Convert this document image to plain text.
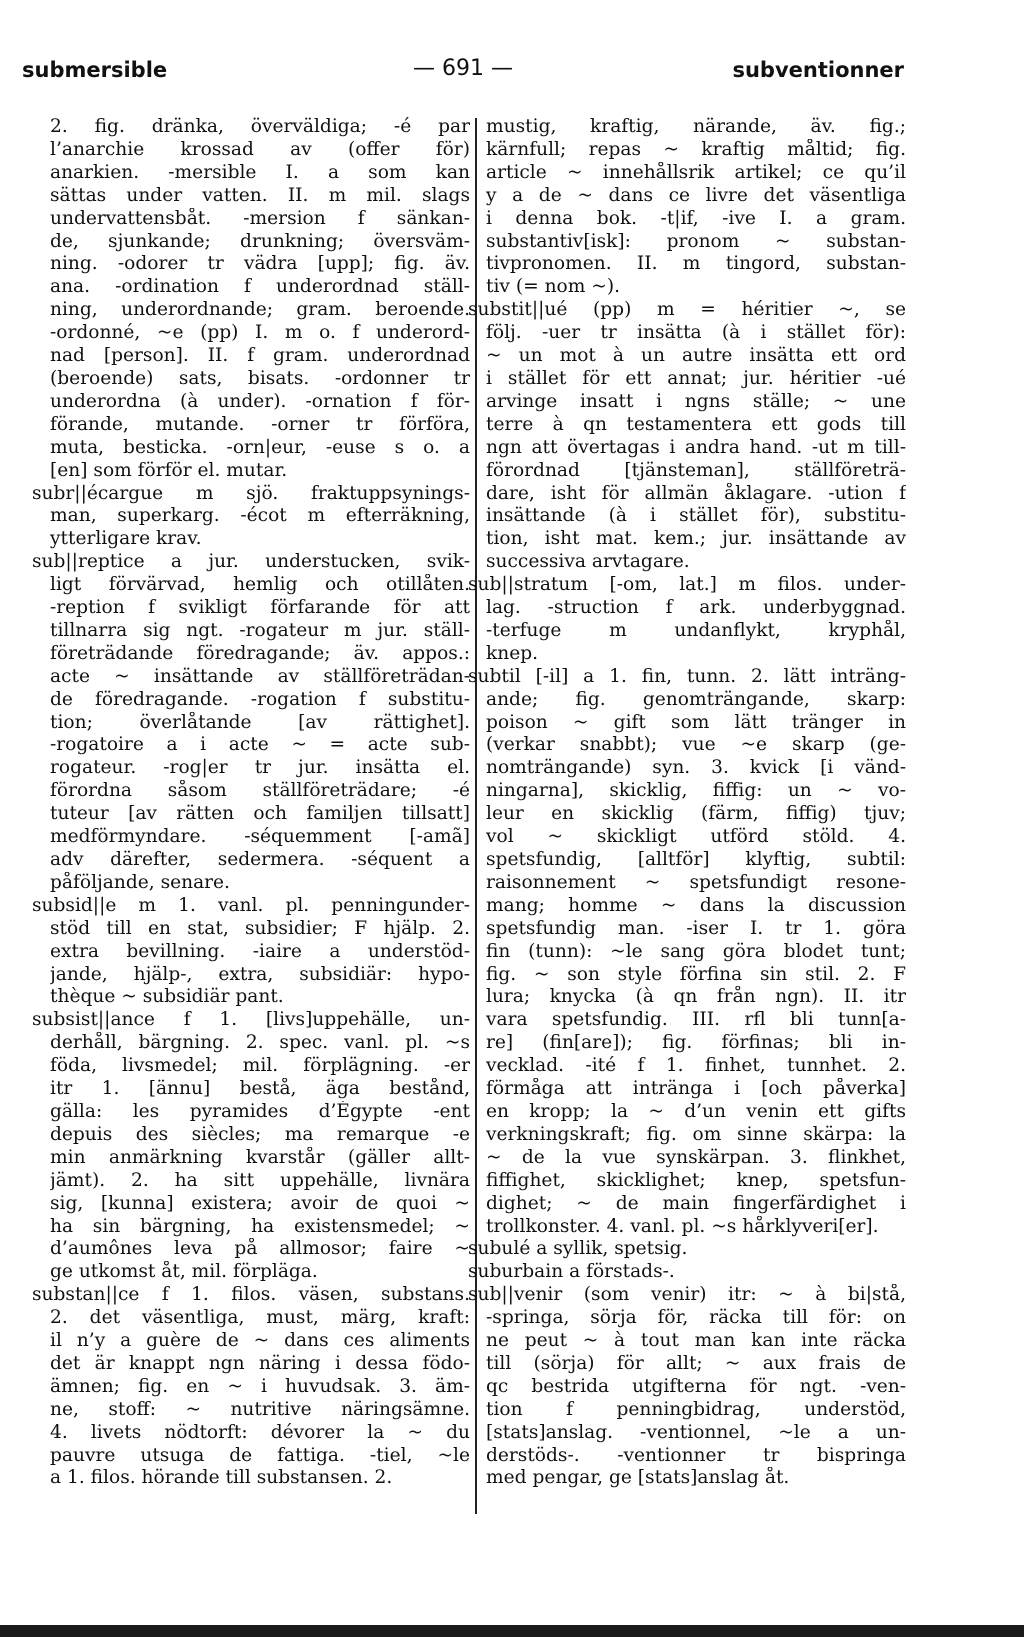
submersible	— 691 —	subventionner
2. fig. dränka, överväldiga; -é par
l’anarchie krossad av (offer för)
anarkien. -mersible I. a som kan
sättas under vatten. II. m mil. slags
undervattensbåt. -mersion f sänkan-
de, sjunkande; drunkning; översväm-
ning. -odorer tr vädra [upp]; fig. äv.
ana. -ordination f underordnad ställ-
ning, underordnande; gram. beroende.
-ordonné, ~e (pp) I. m o. f underord-
nad [person]. II. f gram. underordnad
(beroende) sats, bisats. -ordonner tr
underordna (à under). -ornation f för-
förande, mutande. -orner tr förföra,
muta, besticka. -orn|eur, -euse s o. a
[en] som förför el. mutar.
subr||écargue m sjö. fraktuppsynings-
man, superkarg. -écot m efterräkning,
ytterligare krav.
sub||reptice a jur. understucken, svik-
ligt förvärvad, hemlig och otillåten.
-reption f svikligt förfarande för att
tillnarra sig ngt. -rogateur m jur. ställ-
företrädande föredragande; äv. appos.:
acte ~ insättande av ställföreträdan-
de föredragande. -rogation f substitu-
tion; överlåtande [av rättighet].
-rogatoire a i acte ~ = acte sub-
rogateur. -rog|er tr jur. insätta el.
förordna såsom ställföreträdare; -é
tuteur [av rätten och familjen tillsatt]
medförmyndare. -séquemment [-amã]
adv därefter, sedermera. -séquent a
påföljande, senare.
subsid||e m 1. vanl. pl. penningunder-
stöd till en stat, subsidier; F hjälp. 2.
extra bevillning. -iaire a understöd-
jande, hjälp-, extra, subsidiär: hypo-
thèque ~ subsidiär pant.
subsist||ance f 1. [livs]uppehälle, un-
derhåll, bärgning. 2. spec. vanl. pl. ~s
föda, livsmedel; mil. förplägning. -er
itr 1. [ännu] bestå, äga bestånd,
gälla: les pyramides d’Égypte -ent
depuis des siècles; ma remarque -e
min anmärkning kvarstår (gäller allt-
jämt). 2. ha sitt uppehälle, livnära
sig, [kunna] existera; avoir de quoi ~
ha sin bärgning, ha existensmedel; ~
d’aumônes leva på allmosor; faire ~
ge utkomst åt, mil. förpläga.
substan||ce f 1. filos. väsen, substans.
2. det väsentliga, must, märg, kraft:
il n’y a guère de ~ dans ces aliments
det är knappt ngn näring i dessa födo-
ämnen; fig. en ~ i huvudsak. 3. äm-
ne, stoff: ~ nutritive näringsämne.
4. livets nödtorft: dévorer la ~ du
pauvre utsuga de fattiga. -tiel, ~le
a 1. filos. hörande till substansen. 2.
mustig, kraftig, närande, äv. fig.;
kärnfull; repas ~ kraftig måltid; fig.
article ~ innehållsrik artikel; ce qu’il
y a de ~ dans ce livre det väsentliga
i denna bok. -t|if, -ive I. a gram.
substantiv[isk]: pronom ~ substan-
tivpronomen. II. m tingord, substan-
tiv (= nom ~).
substit||ué (pp) m = héritier ~, se
följ. -uer tr insätta (à i stället för):
~ un mot à un autre insätta ett ord
i stället för ett annat; jur. héritier -ué
arvinge insatt i ngns ställe; ~ une
terre à qn testamentera ett gods till
ngn att övertagas i andra hand. -ut m till-
förordnad [tjänsteman], ställföreträ-
dare, isht för allmän åklagare. -ution f
insättande (à i stället för), substitu-
tion, isht mat. kem.; jur. insättande av
successiva arvtagare.
sub||stratum [-om, lat.] m filos. under-
lag. -struction f ark. underbyggnad.
-terfuge m undanflykt, kryphål,
knep.
subtil [-il] a 1. fin, tunn. 2. lätt inträng-
ande; fig. genomträngande, skarp:
poison ~ gift som lätt tränger in
(verkar snabbt); vue ~e skarp (ge-
nomträngande) syn. 3. kvick [i vänd-
ningarna], skicklig, fiffig: un ~ vo-
leur en skicklig (färm, fiffig) tjuv;
vol ~ skickligt utförd stöld. 4.
spetsfundig, [alltför] klyftig, subtil:
raisonnement ~ spetsfundigt resone-
mang; homme ~ dans la discussion
spetsfundig man. -iser I. tr 1. göra
fin (tunn): ~le sang göra blodet tunt;
fig. ~ son style förfina sin stil. 2. F
lura; knycka (à qn från ngn). II. itr
vara spetsfundig. III. rfl bli tunn[a-
re] (fin[are]); fig. förfinas; bli in-
vecklad. -ité f 1. finhet, tunnhet. 2.
förmåga att inträngа i [och påverka]
en kropp; la ~ d’un venin ett gifts
verkningskraft; fig. om sinne skärpa: la
~ de la vue synskärpan. 3. flinkhet,
fiffighet, skicklighet; knep, spetsfun-
dighet; ~ de main fingerfärdighet i
trollkonster. 4. vanl. pl. ~s hårklyveri[er].
subulé a syllik, spetsig.
suburbain a förstads-.
sub||venir (som venir) itr: ~ à bi|stå,
-springa, sörja för, räcka till för: on
ne peut ~ à tout man kan inte räcka
till (sörja) för allt; ~ aux frais de
qc bestrida utgifterna för ngt. -ven-
tion f penningbidrag, understöd,
[stats]anslag. -ventionnel, ~le a un-
derstöds-. -ventionner tr bispringa
med pengar, ge [stats]anslag åt.
